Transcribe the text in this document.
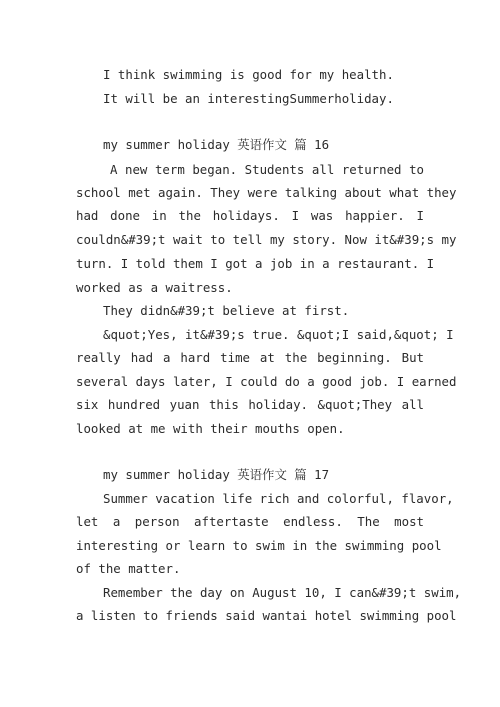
I think swimming is good for my health.
It will be an interestingSummerholiday.
my summer holiday 英语作文 篇 16
A new term began. Students all returned to
school met again. They were talking about what they
had done in the holidays. I was happier. I
couldn&#39;t wait to tell my story. Now it&#39;s my
turn. I told them I got a job in a restaurant. I
worked as a waitress.
They didn&#39;t believe at first.
&quot;Yes, it&#39;s true. &quot;I said,&quot; I
really had a hard time at the beginning. But
several days later, I could do a good job. I earned
six hundred yuan this holiday. &quot;They all
looked at me with their mouths open.
my summer holiday 英语作文 篇 17
Summer vacation life rich and colorful, flavor,
let a person aftertaste endless. The most
interesting or learn to swim in the swimming pool
of the matter.
Remember the day on August 10, I can&#39;t swim,
a listen to friends said wantai hotel swimming pool
